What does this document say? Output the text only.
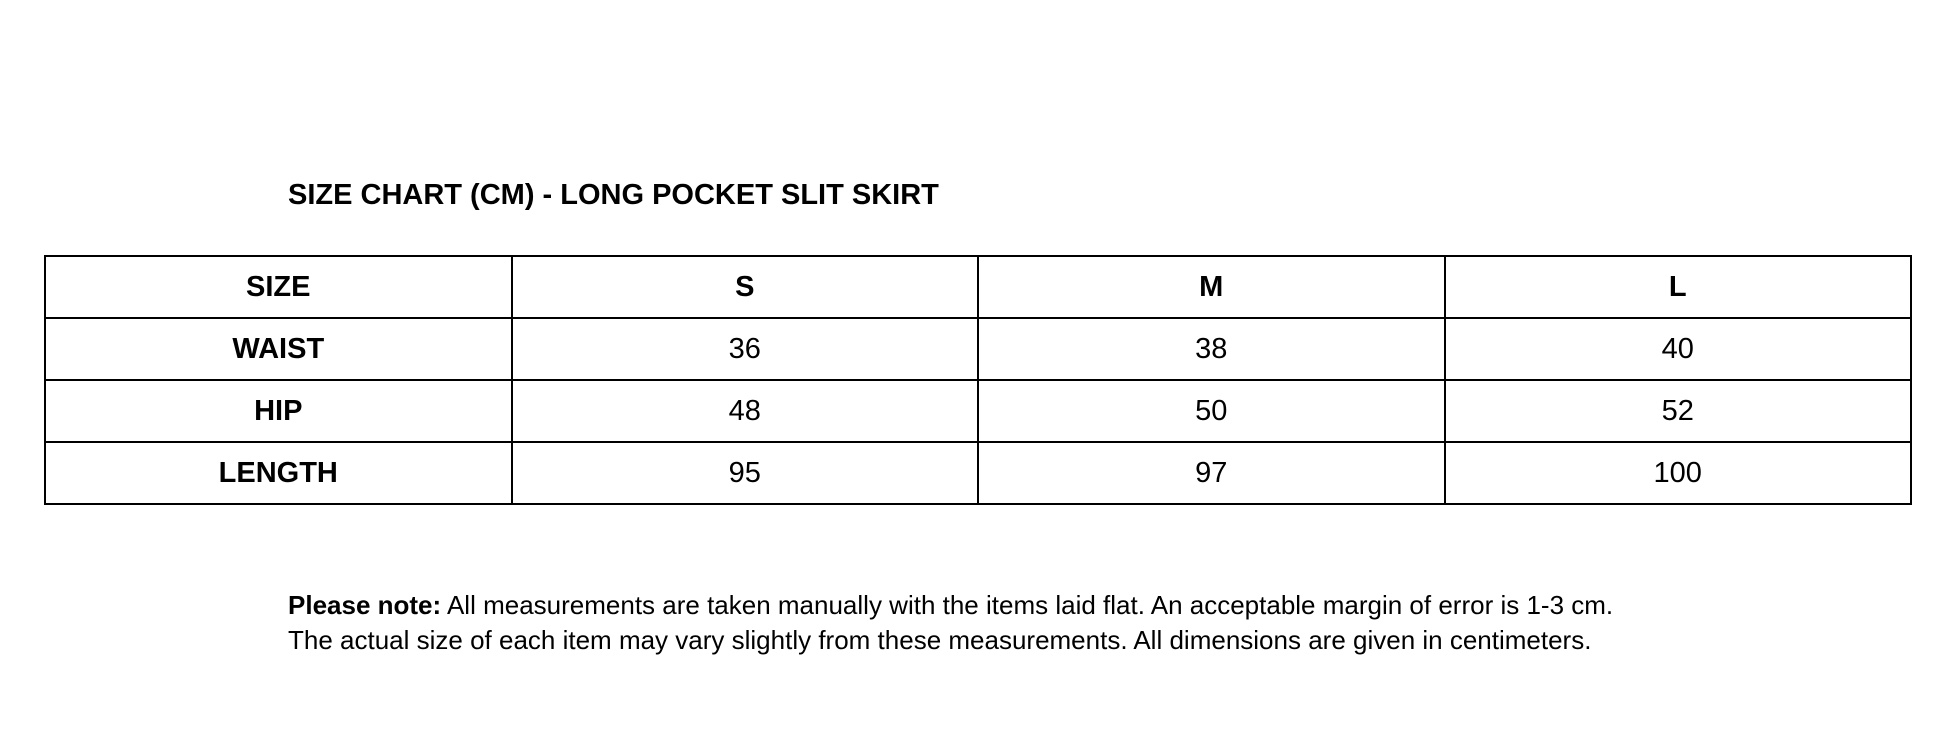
SIZE CHART (CM) - LONG POCKET SLIT SKIRT
SIZE	S	M	L
WAIST	36	38	40
HIP	48	50	52
LENGTH	95	97	100

Please note: All measurements are taken manually with the items laid flat. An acceptable margin of error is 1-3 cm.
The actual size of each item may vary slightly from these measurements. All dimensions are given in centimeters.
